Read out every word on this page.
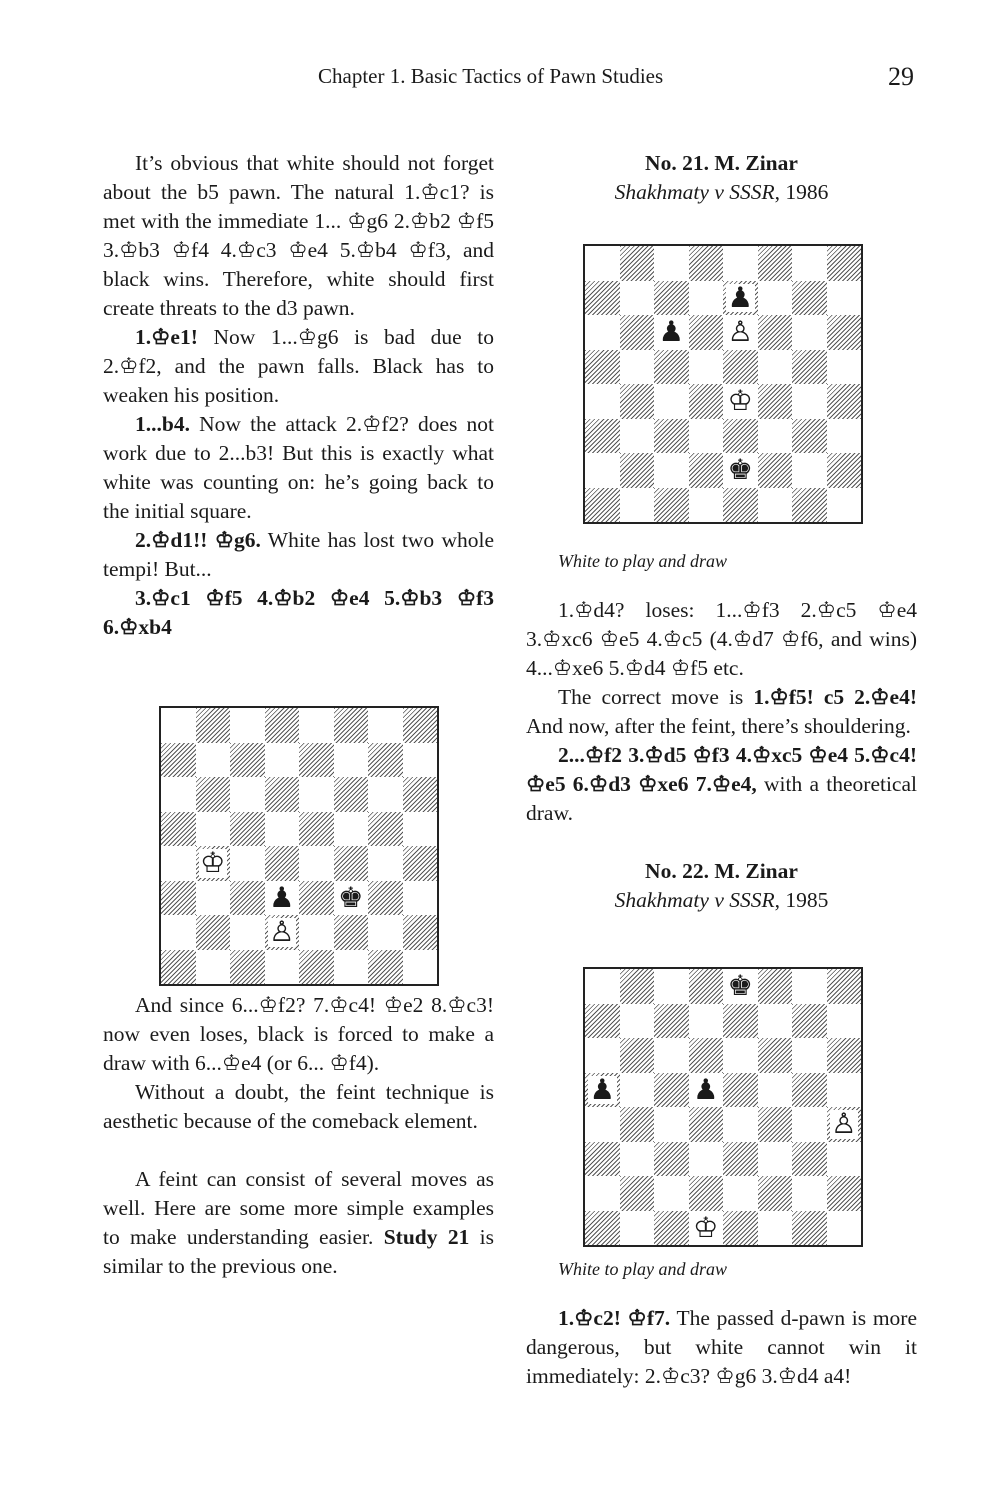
Chapter 1. Basic Tactics of Pawn Studies	29

It’s obvious that white should not forget about the b5 pawn. The natural 1.♔c1? is met with the immediate 1... ♔g6 2.♔b2 ♔f5 3.♔b3 ♔f4 4.♔c3 ♔e4 5.♔b4 ♔f3, and black wins. Therefore, white should first create threats to the d3 pawn.

1.♔e1! Now 1...♔g6 is bad due to 2.♔f2, and the pawn falls. Black has to weaken his position.

1...b4. Now the attack 2.♔f2? does not work due to 2...b3! But this is exactly what white was counting on: he’s going back to the initial square.

2.♔d1!! ♔g6. White has lost two whole tempi! But...

3.♔c1 ♔f5 4.♔b2 ♔e4 5.♔b3 ♔f3 6.♔xb4

And since 6...♔f2? 7.♔c4! ♔e2 8.♔c3! now even loses, black is forced to make a draw with 6...♔e4 (or 6... ♔f4).

Without a doubt, the feint technique is aesthetic because of the comeback element.

A feint can consist of several moves as well. Here are some more simple examples to make understanding easier. Study 21 is similar to the previous one.

No. 21. M. Zinar
Shakhmaty v SSSR, 1986

White to play and draw

1.♔d4? loses: 1...♔f3 2.♔c5 ♔e4 3.♔xc6 ♔e5 4.♔c5 (4.♔d7 ♔f6, and wins) 4...♔xe6 5.♔d4 ♔f5 etc.

The correct move is 1.♔f5! c5 2.♔e4! And now, after the feint, there’s shouldering.

2...♔f2 3.♔d5 ♔f3 4.♔xc5 ♔e4 5.♔c4! ♔e5 6.♔d3 ♔xe6 7.♔e4, with a theoretical draw.

No. 22. M. Zinar
Shakhmaty v SSSR, 1985

White to play and draw

1.♔c2! ♔f7. The passed d-pawn is more dangerous, but white cannot win it immediately: 2.♔c3? ♔g6 3.♔d4 a4!

♔
♟ ♚
♙
♟
♟ ♙
♔
♚
♚
♟	♟
♙
♔
